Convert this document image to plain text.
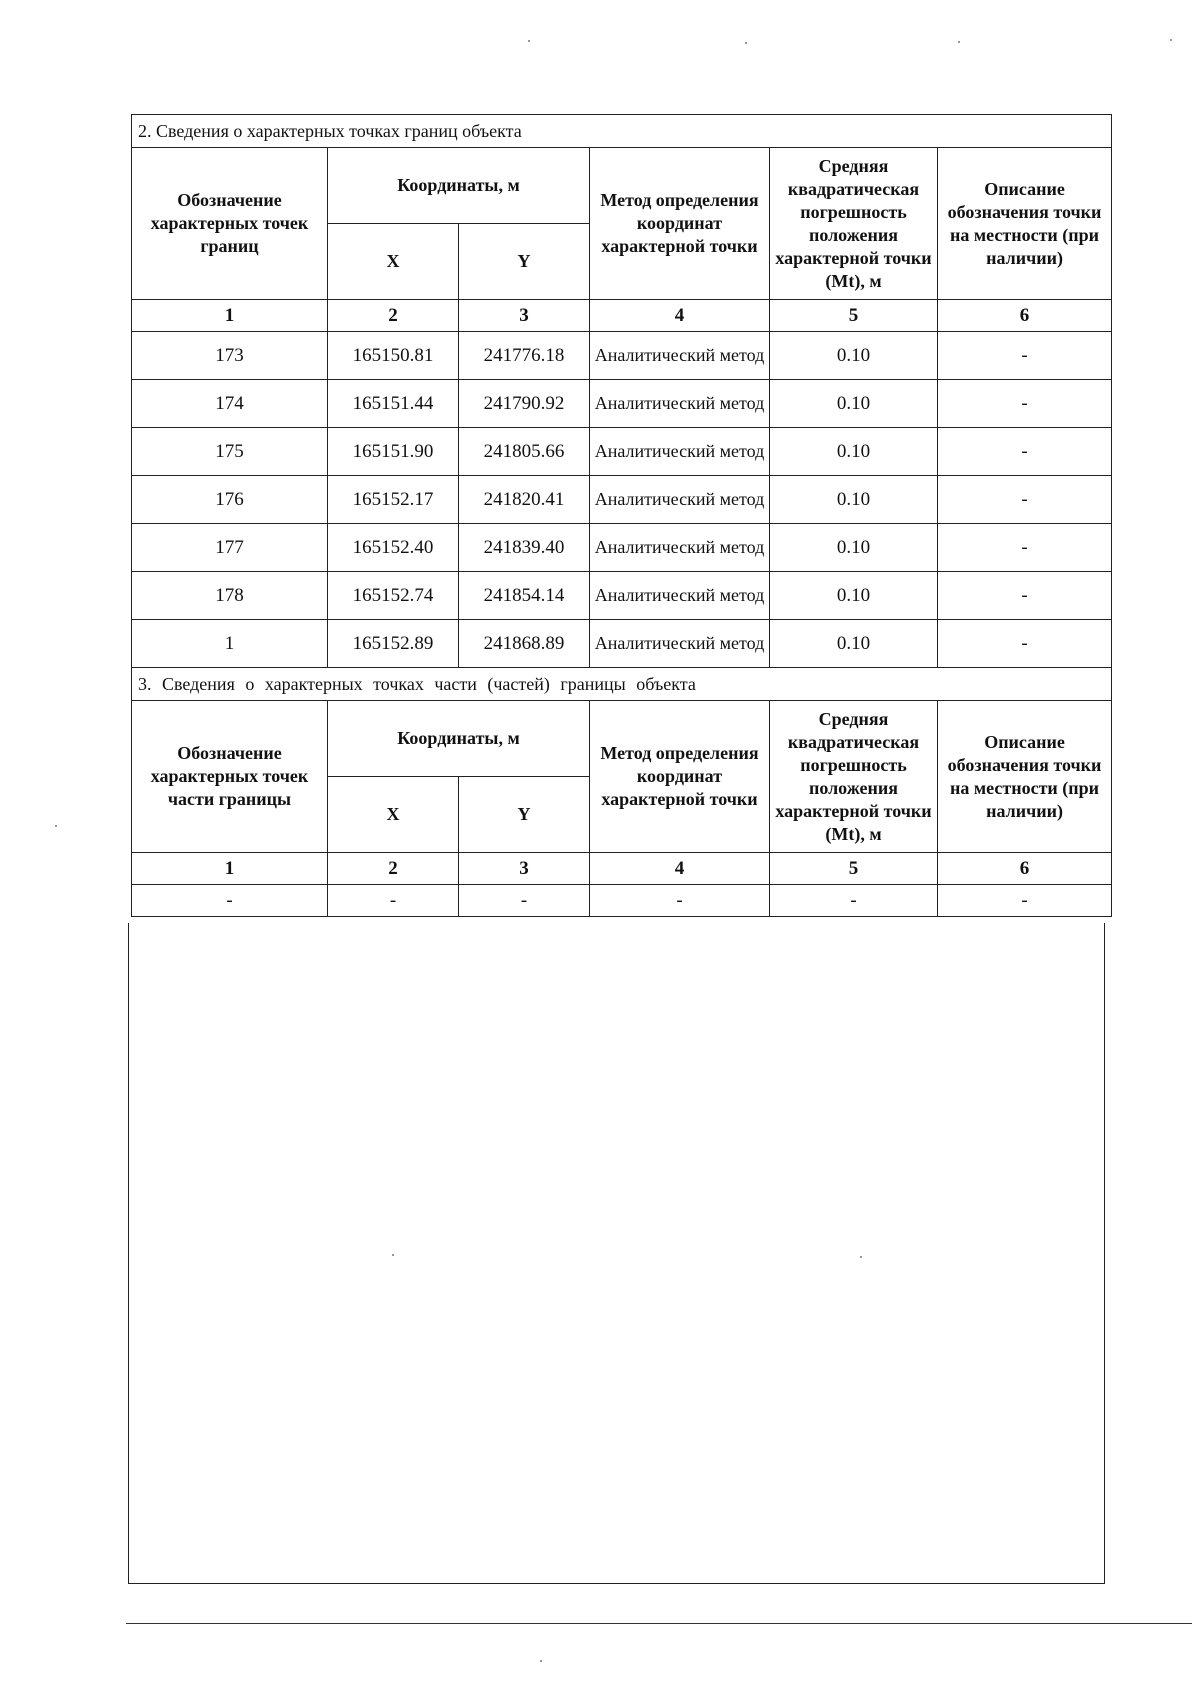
2. Сведения о характерных точках границ объекта					
Обозначение характерных точек границ	Координаты, м		Метод определения координат характерной точки	Средняя квадратическая погрешность положения характерной точки (Mt), м	Описание обозначения точки на местности (при наличии)
	X	Y			
1	2	3	4	5	6
173	165150.81	241776.18	Аналитический метод	0.10	-
174	165151.44	241790.92	Аналитический метод	0.10	-
175	165151.90	241805.66	Аналитический метод	0.10	-
176	165152.17	241820.41	Аналитический метод	0.10	-
177	165152.40	241839.40	Аналитический метод	0.10	-
178	165152.74	241854.14	Аналитический метод	0.10	-
1	165152.89	241868.89	Аналитический метод	0.10	-
3. Сведения о характерных точках части (частей) границы объекта					
Обозначение характерных точек части границы	Координаты, м		Метод определения координат характерной точки	Средняя квадратическая погрешность положения характерной точки (Mt), м	Описание обозначения точки на местности (при наличии)
	X	Y			
1	2	3	4	5	6
-	-	-	-	-	-
